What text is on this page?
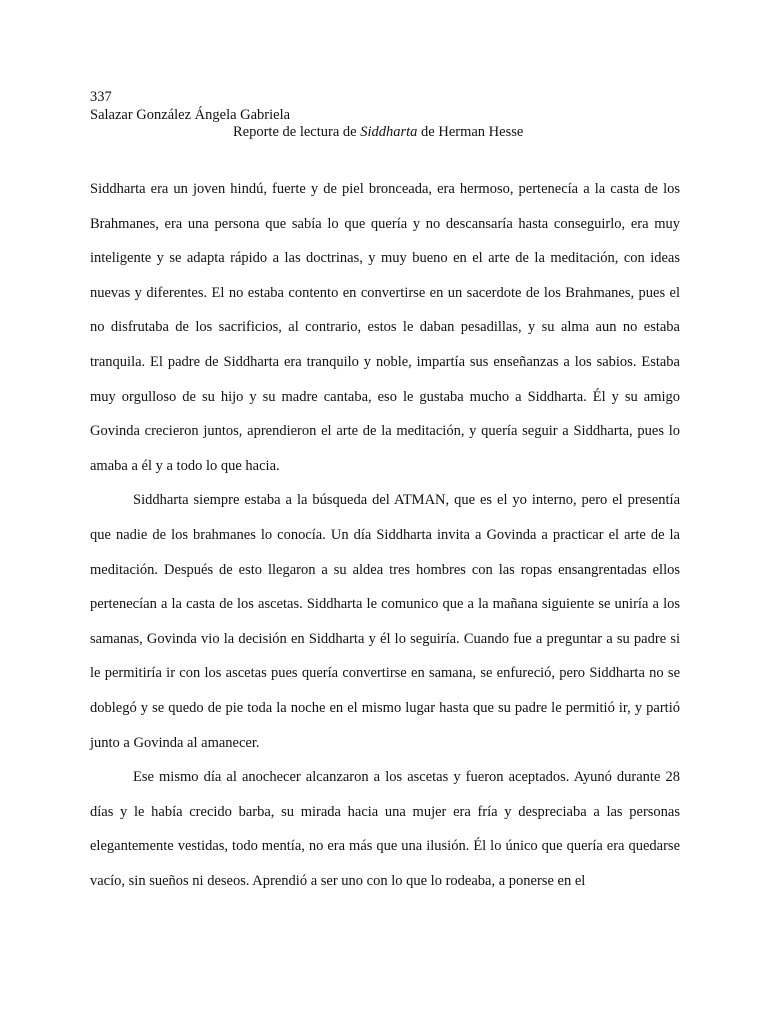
337
Salazar González Ángela Gabriela
Reporte de lectura de Siddharta de Herman Hesse

Siddharta era un joven hindú, fuerte y de piel bronceada, era hermoso, pertenecía a la casta de los Brahmanes, era una persona que sabía lo que quería y no descansaría hasta conseguirlo, era muy inteligente y se adapta rápido a las doctrinas, y muy bueno en el arte de la meditación, con ideas nuevas y diferentes. El no estaba contento en convertirse en un sacerdote de los Brahmanes, pues el no disfrutaba de los sacrificios, al contrario, estos le daban pesadillas, y su alma aun no estaba tranquila. El padre de Siddharta era tranquilo y noble, impartía sus enseñanzas a los sabios. Estaba muy orgulloso de su hijo y su madre cantaba, eso le gustaba mucho a Siddharta. Él y su amigo Govinda crecieron juntos, aprendieron el arte de la meditación, y quería seguir a Siddharta, pues lo amaba a él y a todo lo que hacia.

Siddharta siempre estaba a la búsqueda del ATMAN, que es el yo interno, pero el presentía que nadie de los brahmanes lo conocía. Un día Siddharta invita a Govinda a practicar el arte de la meditación. Después de esto llegaron a su aldea tres hombres con las ropas ensangrentadas ellos pertenecían a la casta de los ascetas. Siddharta le comunico que a la mañana siguiente se uniría a los samanas, Govinda vio la decisión en Siddharta y él lo seguiría. Cuando fue a preguntar a su padre si le permitiría ir con los ascetas pues quería convertirse en samana, se enfureció, pero Siddharta no se doblegó y se quedo de pie toda la noche en el mismo lugar hasta que su padre le permitió ir, y partió junto a Govinda al amanecer.

Ese mismo día al anochecer alcanzaron a los ascetas y fueron aceptados. Ayunó durante 28 días y le había crecido barba, su mirada hacia una mujer era fría y despreciaba a las personas elegantemente vestidas, todo mentía, no era más que una ilusión. Él lo único que quería era quedarse vacío, sin sueños ni deseos. Aprendió a ser uno con lo que lo rodeaba, a ponerse en el
